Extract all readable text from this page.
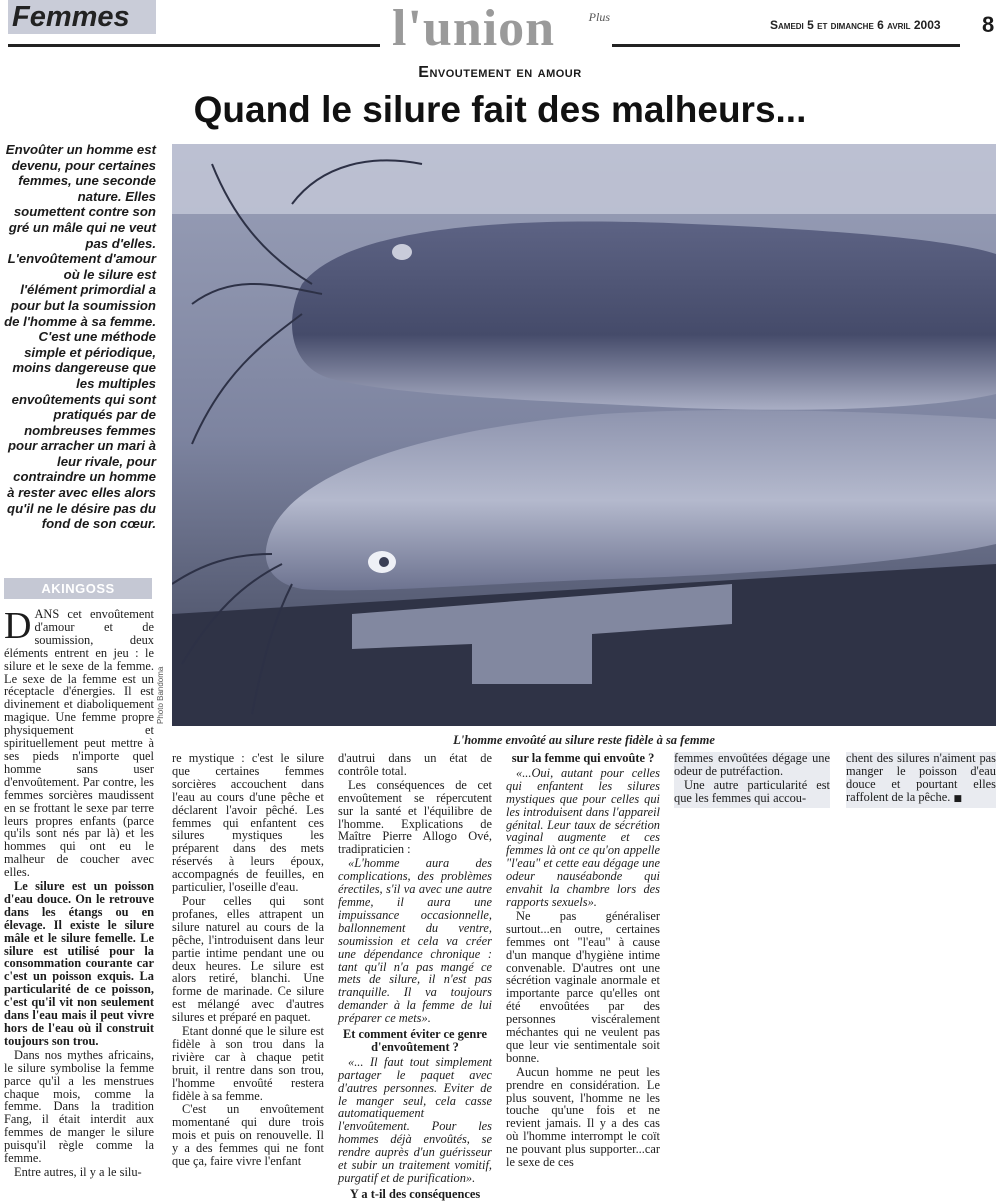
Femmes	l'union	Plus
Samedi 5 et dimanche 6 avril 2003 8
Envoutement en amour
Quand le silure fait des malheurs...
Envoûter un homme est devenu, pour certaines femmes, une seconde nature. Elles soumettent contre son gré un mâle qui ne veut pas d'elles. L'envoûtement d'amour où le silure est l'élément primordial a pour but la soumission de l'homme à sa femme. C'est une méthode simple et périodique, moins dangereuse que les multiples envoûtements qui sont pratiqués par de nombreuses femmes pour arracher un mari à leur rivale, pour contraindre un homme à rester avec elles alors qu'il ne le désire pas du fond de son cœur.
AKINGOSS
Photo Bandoma
L'homme envoûté au silure reste fidèle à sa femme

DANS cet envoûtement d'amour et de soumission, deux éléments entrent en jeu : le silure et le sexe de la femme. Le sexe de la femme est un réceptacle d'énergies. Il est divinement et diaboliquement magique. Une femme propre physiquement et spirituellement peut mettre à ses pieds n'importe quel homme sans user d'envoûtement. Par contre, les femmes sorcières maudissent en se frottant le sexe par terre leurs propres enfants (parce qu'ils sont nés par là) et les hommes qui ont eu le malheur de coucher avec elles.

Le silure est un poisson d'eau douce. On le retrouve dans les étangs ou en élevage. Il existe le silure mâle et le silure femelle. Le silure est utilisé pour la consommation courante car c'est un poisson exquis. La particularité de ce poisson, c'est qu'il vit non seulement dans l'eau mais il peut vivre hors de l'eau où il construit toujours son trou.

Dans nos mythes africains, le silure symbolise la femme parce qu'il a les menstrues chaque mois, comme la femme. Dans la tradition Fang, il était interdit aux femmes de manger le silure puisqu'il règle comme la femme.

Entre autres, il y a le silu-

re mystique : c'est le silure que certaines femmes sorcières accouchent dans l'eau au cours d'une pêche et déclarent l'avoir pêché. Les femmes qui enfantent ces silures mystiques les préparent dans des mets réservés à leurs époux, accompagnés de feuilles, en particulier, l'oseille d'eau.

Pour celles qui sont profanes, elles attrapent un silure naturel au cours de la pêche, l'introduisent dans leur partie intime pendant une ou deux heures. Le silure est alors retiré, blanchi. Une forme de marinade. Ce silure est mélangé avec d'autres silures et préparé en paquet.

Etant donné que le silure est fidèle à son trou dans la rivière car à chaque petit bruit, il rentre dans son trou, l'homme envoûté restera fidèle à sa femme.

C'est un envoûtement momentané qui dure trois mois et puis on renouvelle. Il y a des femmes qui ne font que ça, faire vivre l'enfant

d'autrui dans un état de contrôle total.

Les conséquences de cet envoûtement se répercutent sur la santé et l'équilibre de l'homme. Explications de Maître Pierre Allogo Ové, tradipraticien :

«L'homme aura des complications, des problèmes érectiles, s'il va avec une autre femme, il aura une impuissance occasionnelle, ballonnement du ventre, soumission et cela va créer une dépendance chronique : tant qu'il n'a pas mangé ce mets de silure, il n'est pas tranquille. Il va toujours demander à la femme de lui préparer ce mets».

Et comment éviter ce genre d'envoûtement ?

«... Il faut tout simplement partager le paquet avec d'autres personnes. Eviter de le manger seul, cela casse automatiquement l'envoûtement. Pour les hommes déjà envoûtés, se rendre auprès d'un guérisseur et subir un traitement vomitif, purgatif et de purification».

Y a t-il des conséquences

sur la femme qui envoûte ?

«...Oui, autant pour celles qui enfantent les silures mystiques que pour celles qui les introduisent dans l'appareil génital. Leur taux de sécrétion vaginal augmente et ces femmes là ont ce qu'on appelle "l'eau" et cette eau dégage une odeur nauséabonde qui envahit la chambre lors des rapports sexuels».

Ne pas généraliser surtout...en outre, certaines femmes ont "l'eau" à cause d'un manque d'hygiène intime convenable. D'autres ont une sécrétion vaginale anormale et importante parce qu'elles ont été envoûtées par des personnes viscéralement méchantes qui ne veulent pas que leur vie sentimentale soit bonne.

Aucun homme ne peut les prendre en considération. Le plus souvent, l'homme ne les touche qu'une fois et ne revient jamais. Il y a des cas où l'homme interrompt le coït ne pouvant plus supporter...car le sexe de ces

femmes envoûtées dégage une odeur de putréfaction.

Une autre particularité est que les femmes qui accou-

chent des silures n'aiment pas manger le poisson d'eau douce et pourtant elles raffolent de la pêche. ■
